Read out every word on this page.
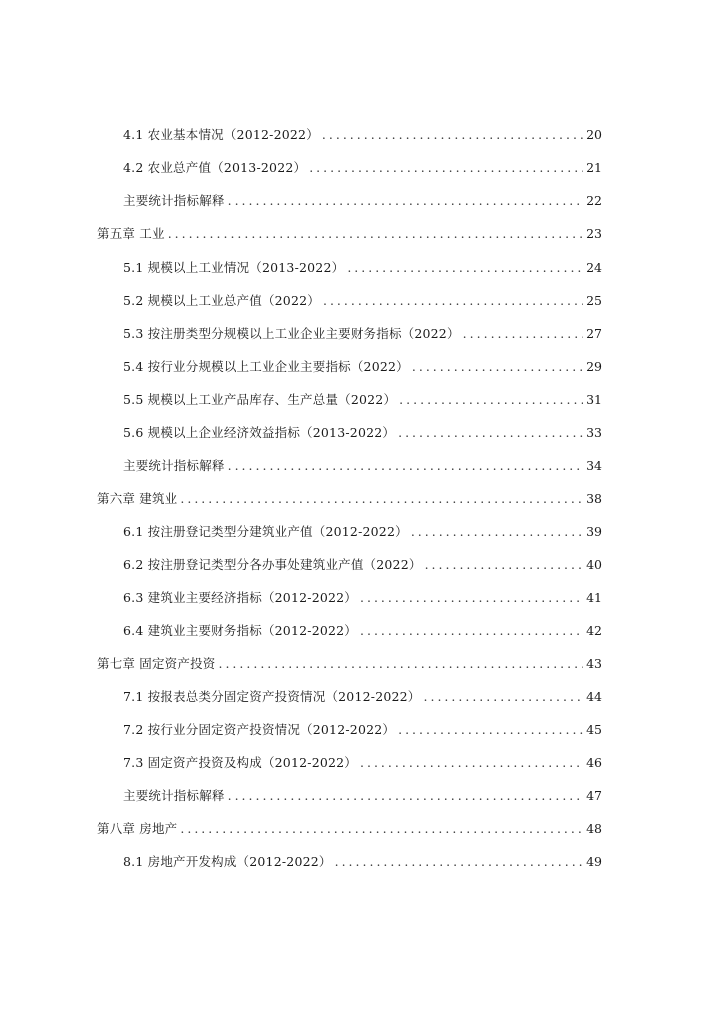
4.1 农业基本情况（2012-2022） .....	20
4.2 农业总产值（2013-2022） .....	21
主要统计指标解释 .....	22
第五章 工业 .....	23
5.1 规模以上工业情况（2013-2022） .....	24
5.2 规模以上工业总产值（2022） .....	25
5.3 按注册类型分规模以上工业企业主要财务指标（2022） .....	27
5.4 按行业分规模以上工业企业主要指标（2022） .....	29
5.5 规模以上工业产品库存、生产总量（2022） .....	31
5.6 规模以上企业经济效益指标（2013-2022） .....	33
主要统计指标解释 .....	34
第六章 建筑业 .....	38
6.1 按注册登记类型分建筑业产值（2012-2022） .....	39
6.2 按注册登记类型分各办事处建筑业产值（2022） .....	40
6.3 建筑业主要经济指标（2012-2022） .....	41
6.4 建筑业主要财务指标（2012-2022） .....	42
第七章 固定资产投资 .....	43
7.1 按报表总类分固定资产投资情况（2012-2022） .....	44
7.2 按行业分固定资产投资情况（2012-2022） .....	45
7.3 固定资产投资及构成（2012-2022） .....	46
主要统计指标解释 .....	47
第八章 房地产 .....	48
8.1 房地产开发构成（2012-2022） .....	49
